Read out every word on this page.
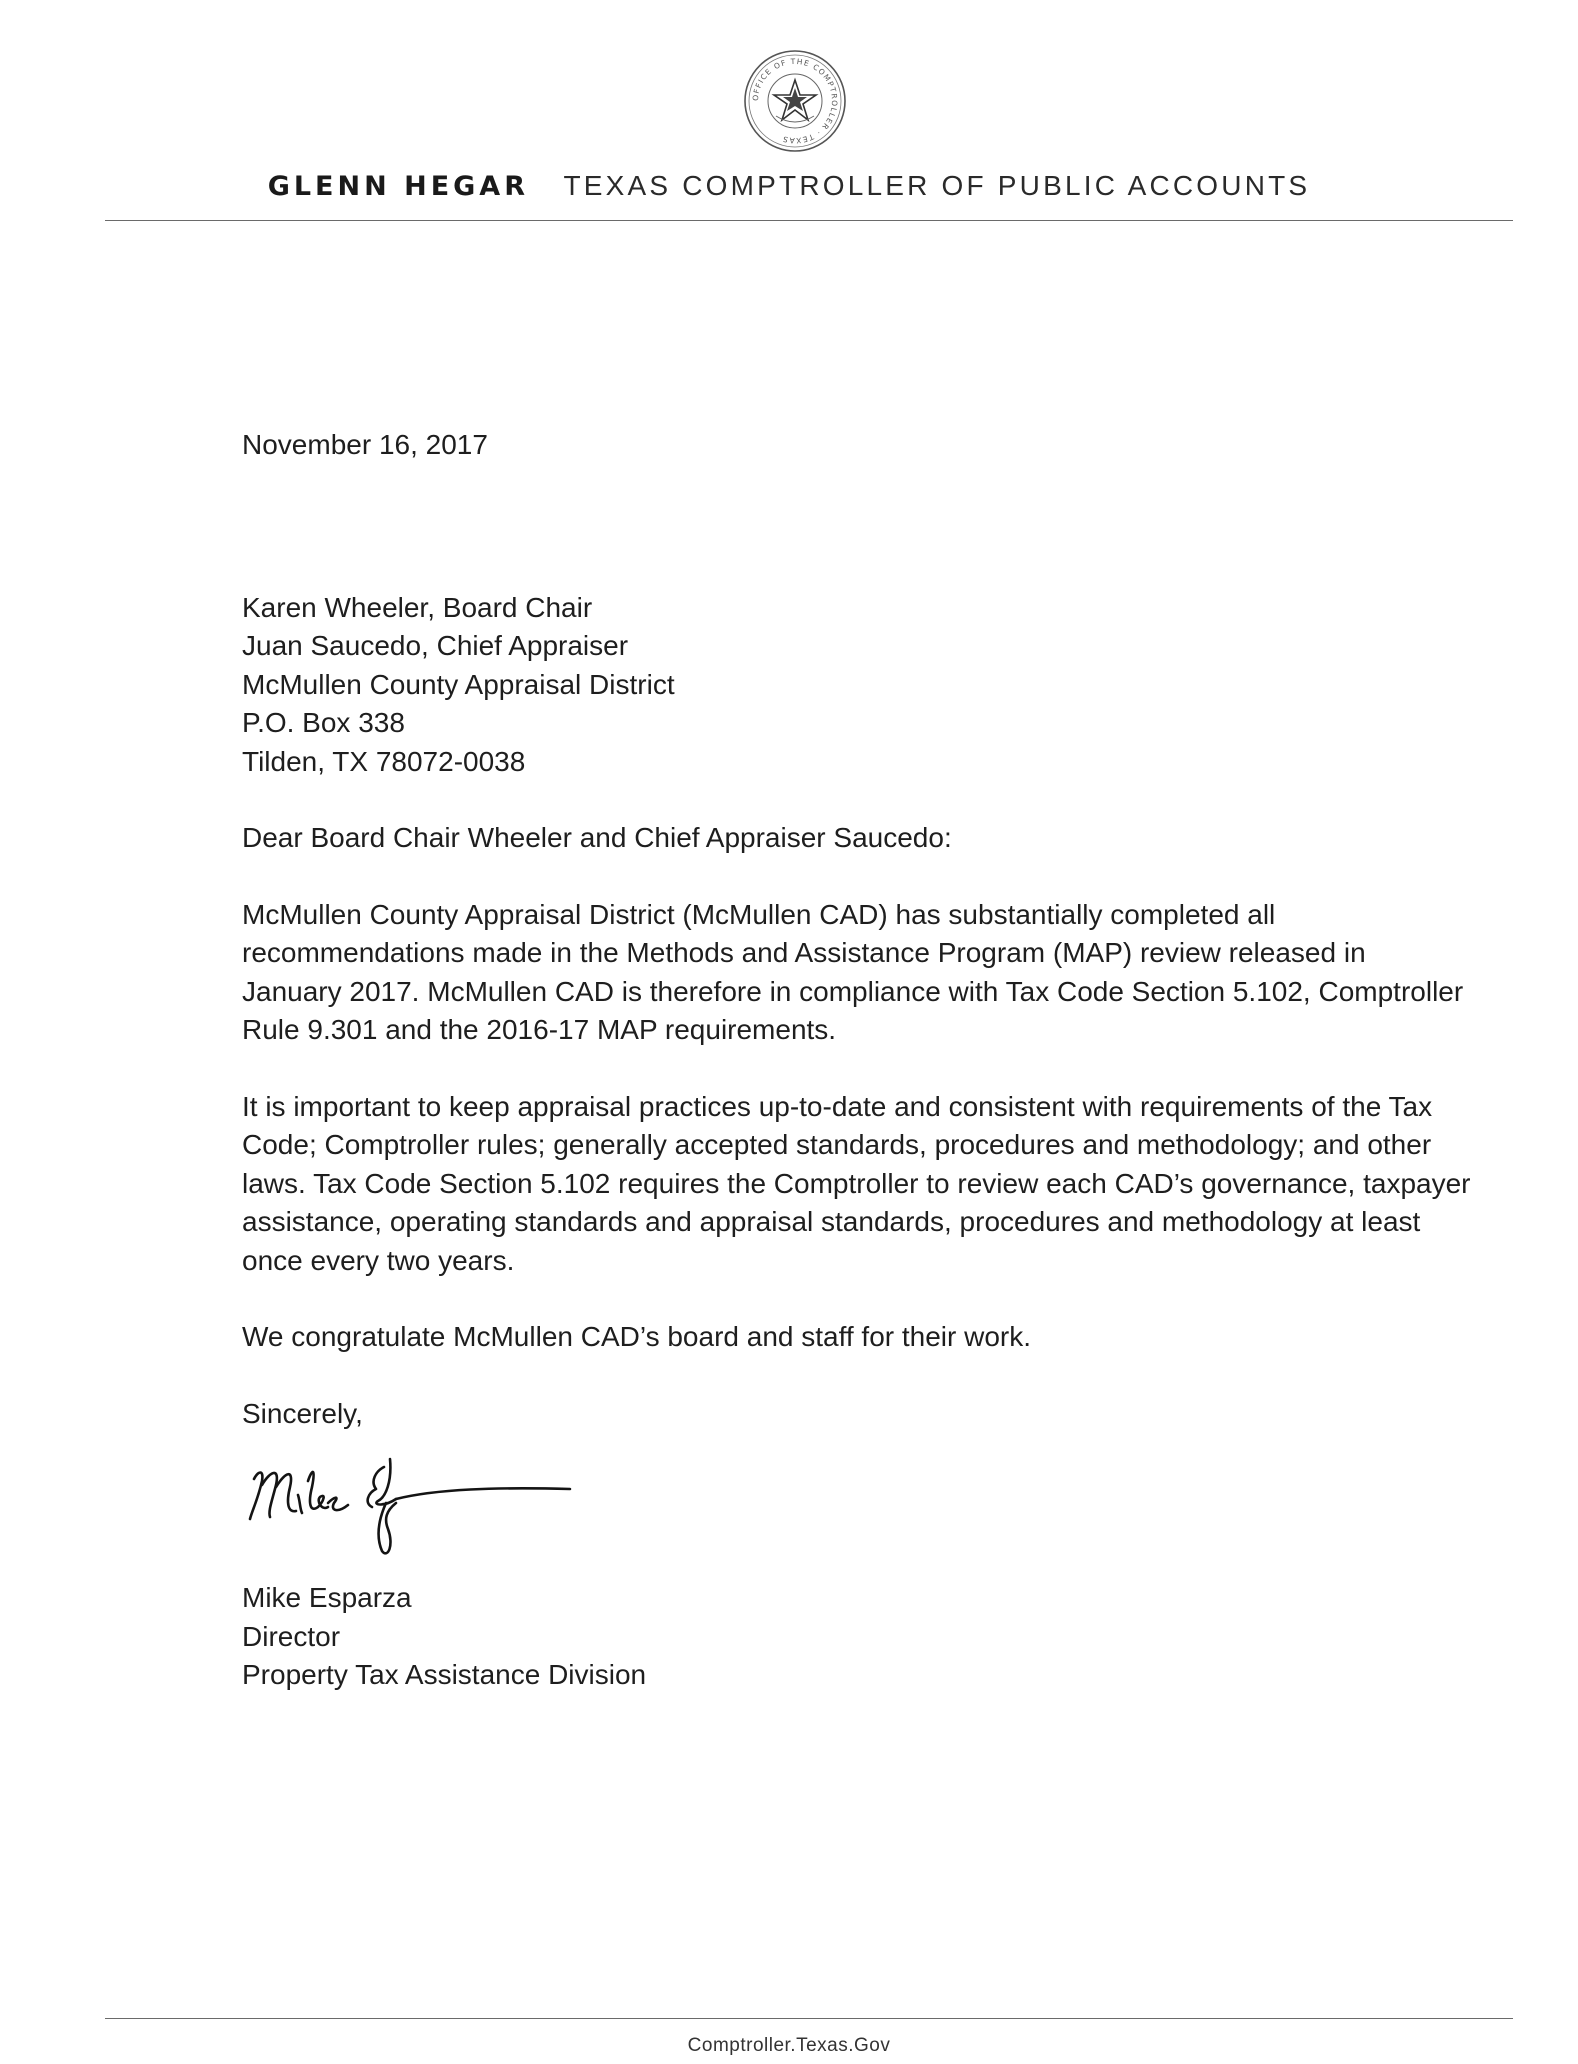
OFFICE OF THE COMPTROLLER · TEXAS
GLENN HEGAR TEXAS COMPTROLLER OF PUBLIC ACCOUNTS

November 16, 2017

Karen Wheeler, Board Chair
Juan Saucedo, Chief Appraiser
McMullen County Appraisal District
P.O. Box 338
Tilden, TX 78072-0038

Dear Board Chair Wheeler and Chief Appraiser Saucedo:

McMullen County Appraisal District (McMullen CAD) has substantially completed all recommendations made in the Methods and Assistance Program (MAP) review released in January 2017. McMullen CAD is therefore in compliance with Tax Code Section 5.102, Comptroller Rule 9.301 and the 2016-17 MAP requirements.

It is important to keep appraisal practices up-to-date and consistent with requirements of the Tax Code; Comptroller rules; generally accepted standards, procedures and methodology; and other laws. Tax Code Section 5.102 requires the Comptroller to review each CAD’s governance, taxpayer assistance, operating standards and appraisal standards, procedures and methodology at least once every two years.

We congratulate McMullen CAD’s board and staff for their work.

Sincerely,

Mike Esparza
Director
Property Tax Assistance Division
Comptroller.Texas.Gov
